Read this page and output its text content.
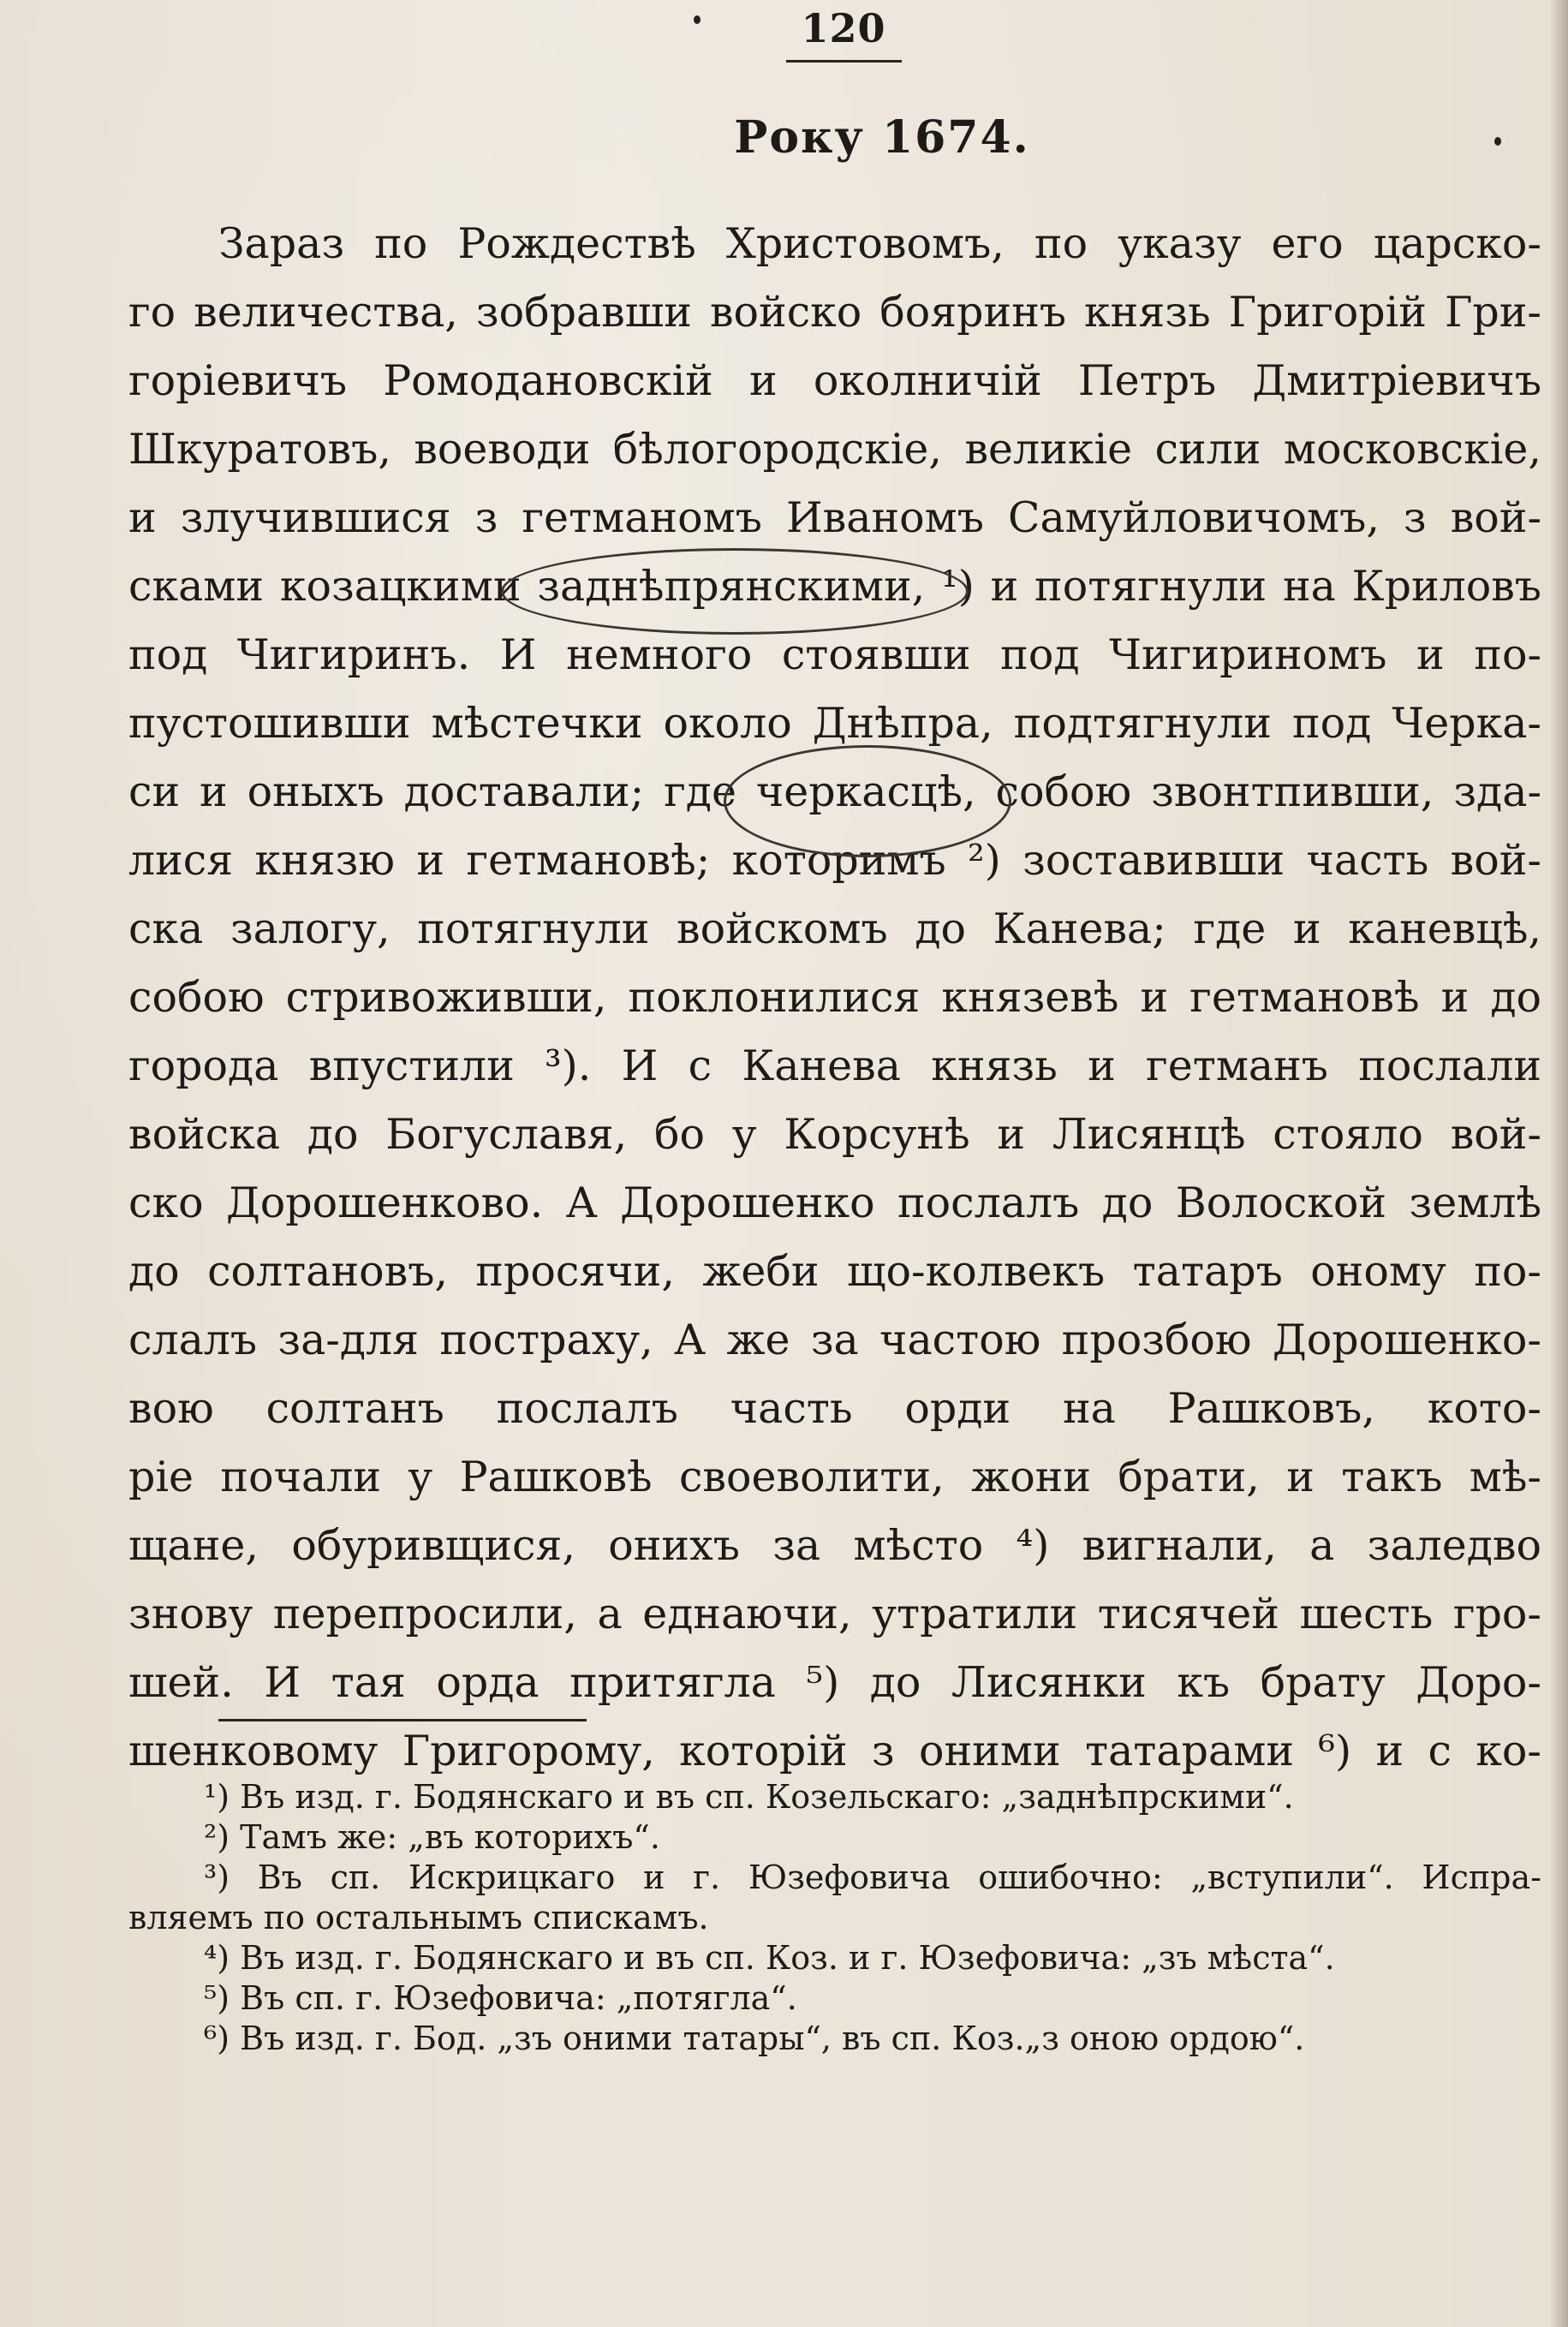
120
Року 1674.
Зараз по Рождествѣ Христовомъ, по указу его царско-
го величества, зобравши войско бояринъ князь Григорій Гри-
горіевичъ Ромодановскій и околничій Петръ Дмитріевичъ
Шкуратовъ, воеводи бѣлогородскіе, великіе сили московскіе,
и злучившися з гетманомъ Иваномъ Самуйловичомъ, з вой-
сками козацкими заднѣпрянскими, ¹) и потягнули на Криловъ
под Чигиринъ. И немного стоявши под Чигириномъ и по-
пустошивши мѣстечки около Днѣпра, подтягнули под Черка-
си и оныхъ доставали; где черкасцѣ, собою звонтпивши, зда-
лися князю и гетмановѣ; которимъ ²) зоставивши часть вой-
ска залогу, потягнули войскомъ до Канева; где и каневцѣ,
собою стривоживши, поклонилися князевѣ и гетмановѣ и до
города впустили ³). И с Канева князь и гетманъ послали
войска до Богуславя, бо у Корсунѣ и Лисянцѣ стояло вой-
ско Дорошенково. А Дорошенко послалъ до Волоской землѣ
до солтановъ, просячи, жеби що-колвекъ татаръ оному по-
слалъ за-для пострaху, А же за частою прозбою Дорошенко-
вою солтанъ послалъ часть орди на Рашковъ, кото-
ріе почали у Рашковѣ своеволити, жони брати, и такъ мѣ-
щане, обуривщися, онихъ за мѣсто ⁴) вигнали, а заледво
знову перепросили, а еднаючи, утратили тисячей шесть гро-
шей. И тая орда притягла ⁵) до Лисянки къ брату Доро-
шенковому Григорому, которій з оними татарами ⁶) и с ко-
¹) Въ изд. г. Бодянскаго и въ сп. Козельскаго: „заднѣпрскими“.
²) Тамъ же: „въ которихъ“.
³) Въ сп. Искрицкаго и г. Юзефовича ошибочно: „вступили“. Испра-
вляемъ по остальнымъ спискамъ.
⁴) Въ изд. г. Бодянскаго и въ сп. Коз. и г. Юзефовича: „зъ мѣста“.
⁵) Въ сп. г. Юзефовича: „потягла“.
⁶) Въ изд. г. Бод. „зъ оними татары“, въ сп. Коз.„з оною ордою“.
